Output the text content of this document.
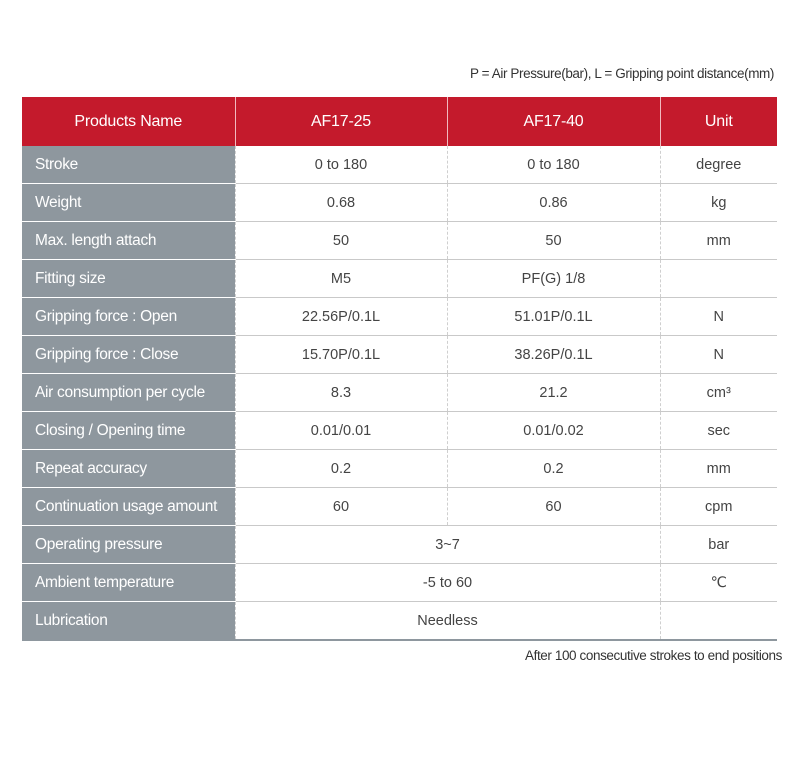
P = Air Pressure(bar), L = Gripping point distance(mm)
Products Name	AF17-25	AF17-40	Unit
Stroke	0 to 180	0 to 180	degree
Weight	0.68	0.86	kg
Max. length attach	50	50	mm
Fitting size	M5	PF(G) 1/8	
Gripping force : Open	22.56P/0.1L	51.01P/0.1L	N
Gripping force : Close	15.70P/0.1L	38.26P/0.1L	N
Air consumption per cycle	8.3	21.2	cm³
Closing / Opening time	0.01/0.01	0.01/0.02	sec
Repeat accuracy	0.2	0.2	mm
Continuation usage amount	60	60	cpm
Operating pressure	3~7		bar
Ambient temperature	-5 to 60		℃
Lubrication	Needless		
After 100 consecutive strokes to end positions
